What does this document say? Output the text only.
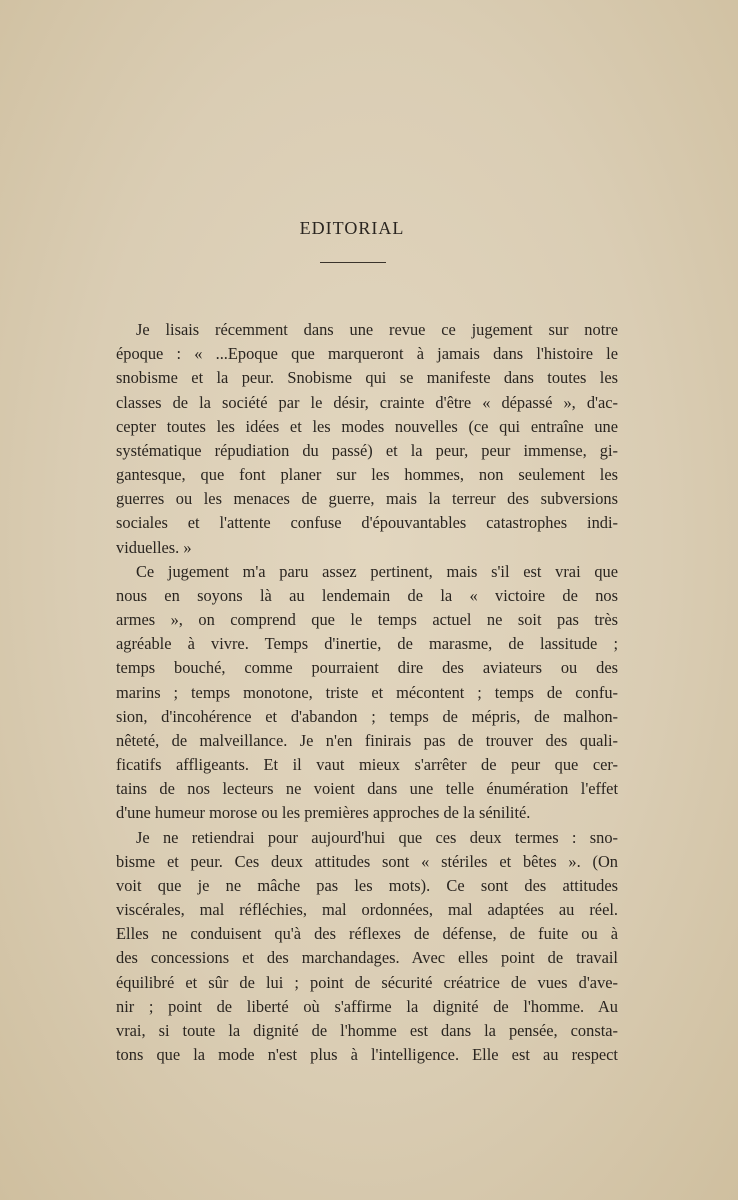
EDITORIAL
Je lisais récemment dans une revue ce jugement sur notre
époque : « ...Epoque que marqueront à jamais dans l'histoire le
snobisme et la peur. Snobisme qui se manifeste dans toutes les
classes de la société par le désir, crainte d'être « dépassé », d'ac-
cepter toutes les idées et les modes nouvelles (ce qui entraîne une
systématique répudiation du passé) et la peur, peur immense, gi-
gantesque, que font planer sur les hommes, non seulement les
guerres ou les menaces de guerre, mais la terreur des subversions
sociales et l'attente confuse d'épouvantables catastrophes indi-
viduelles. »
Ce jugement m'a paru assez pertinent, mais s'il est vrai que
nous en soyons là au lendemain de la « victoire de nos
armes », on comprend que le temps actuel ne soit pas très
agréable à vivre. Temps d'inertie, de marasme, de lassitude ;
temps bouché, comme pourraient dire des aviateurs ou des
marins ; temps monotone, triste et mécontent ; temps de confu-
sion, d'incohérence et d'abandon ; temps de mépris, de malhon-
nêteté, de malveillance. Je n'en finirais pas de trouver des quali-
ficatifs affligeants. Et il vaut mieux s'arrêter de peur que cer-
tains de nos lecteurs ne voient dans une telle énumération l'effet
d'une humeur morose ou les premières approches de la sénilité.
Je ne retiendrai pour aujourd'hui que ces deux termes : sno-
bisme et peur. Ces deux attitudes sont « stériles et bêtes ». (On
voit que je ne mâche pas les mots). Ce sont des attitudes
viscérales, mal réfléchies, mal ordonnées, mal adaptées au réel.
Elles ne conduisent qu'à des réflexes de défense, de fuite ou à
des concessions et des marchandages. Avec elles point de travail
équilibré et sûr de lui ; point de sécurité créatrice de vues d'ave-
nir ; point de liberté où s'affirme la dignité de l'homme. Au
vrai, si toute la dignité de l'homme est dans la pensée, consta-
tons que la mode n'est plus à l'intelligence. Elle est au respect
